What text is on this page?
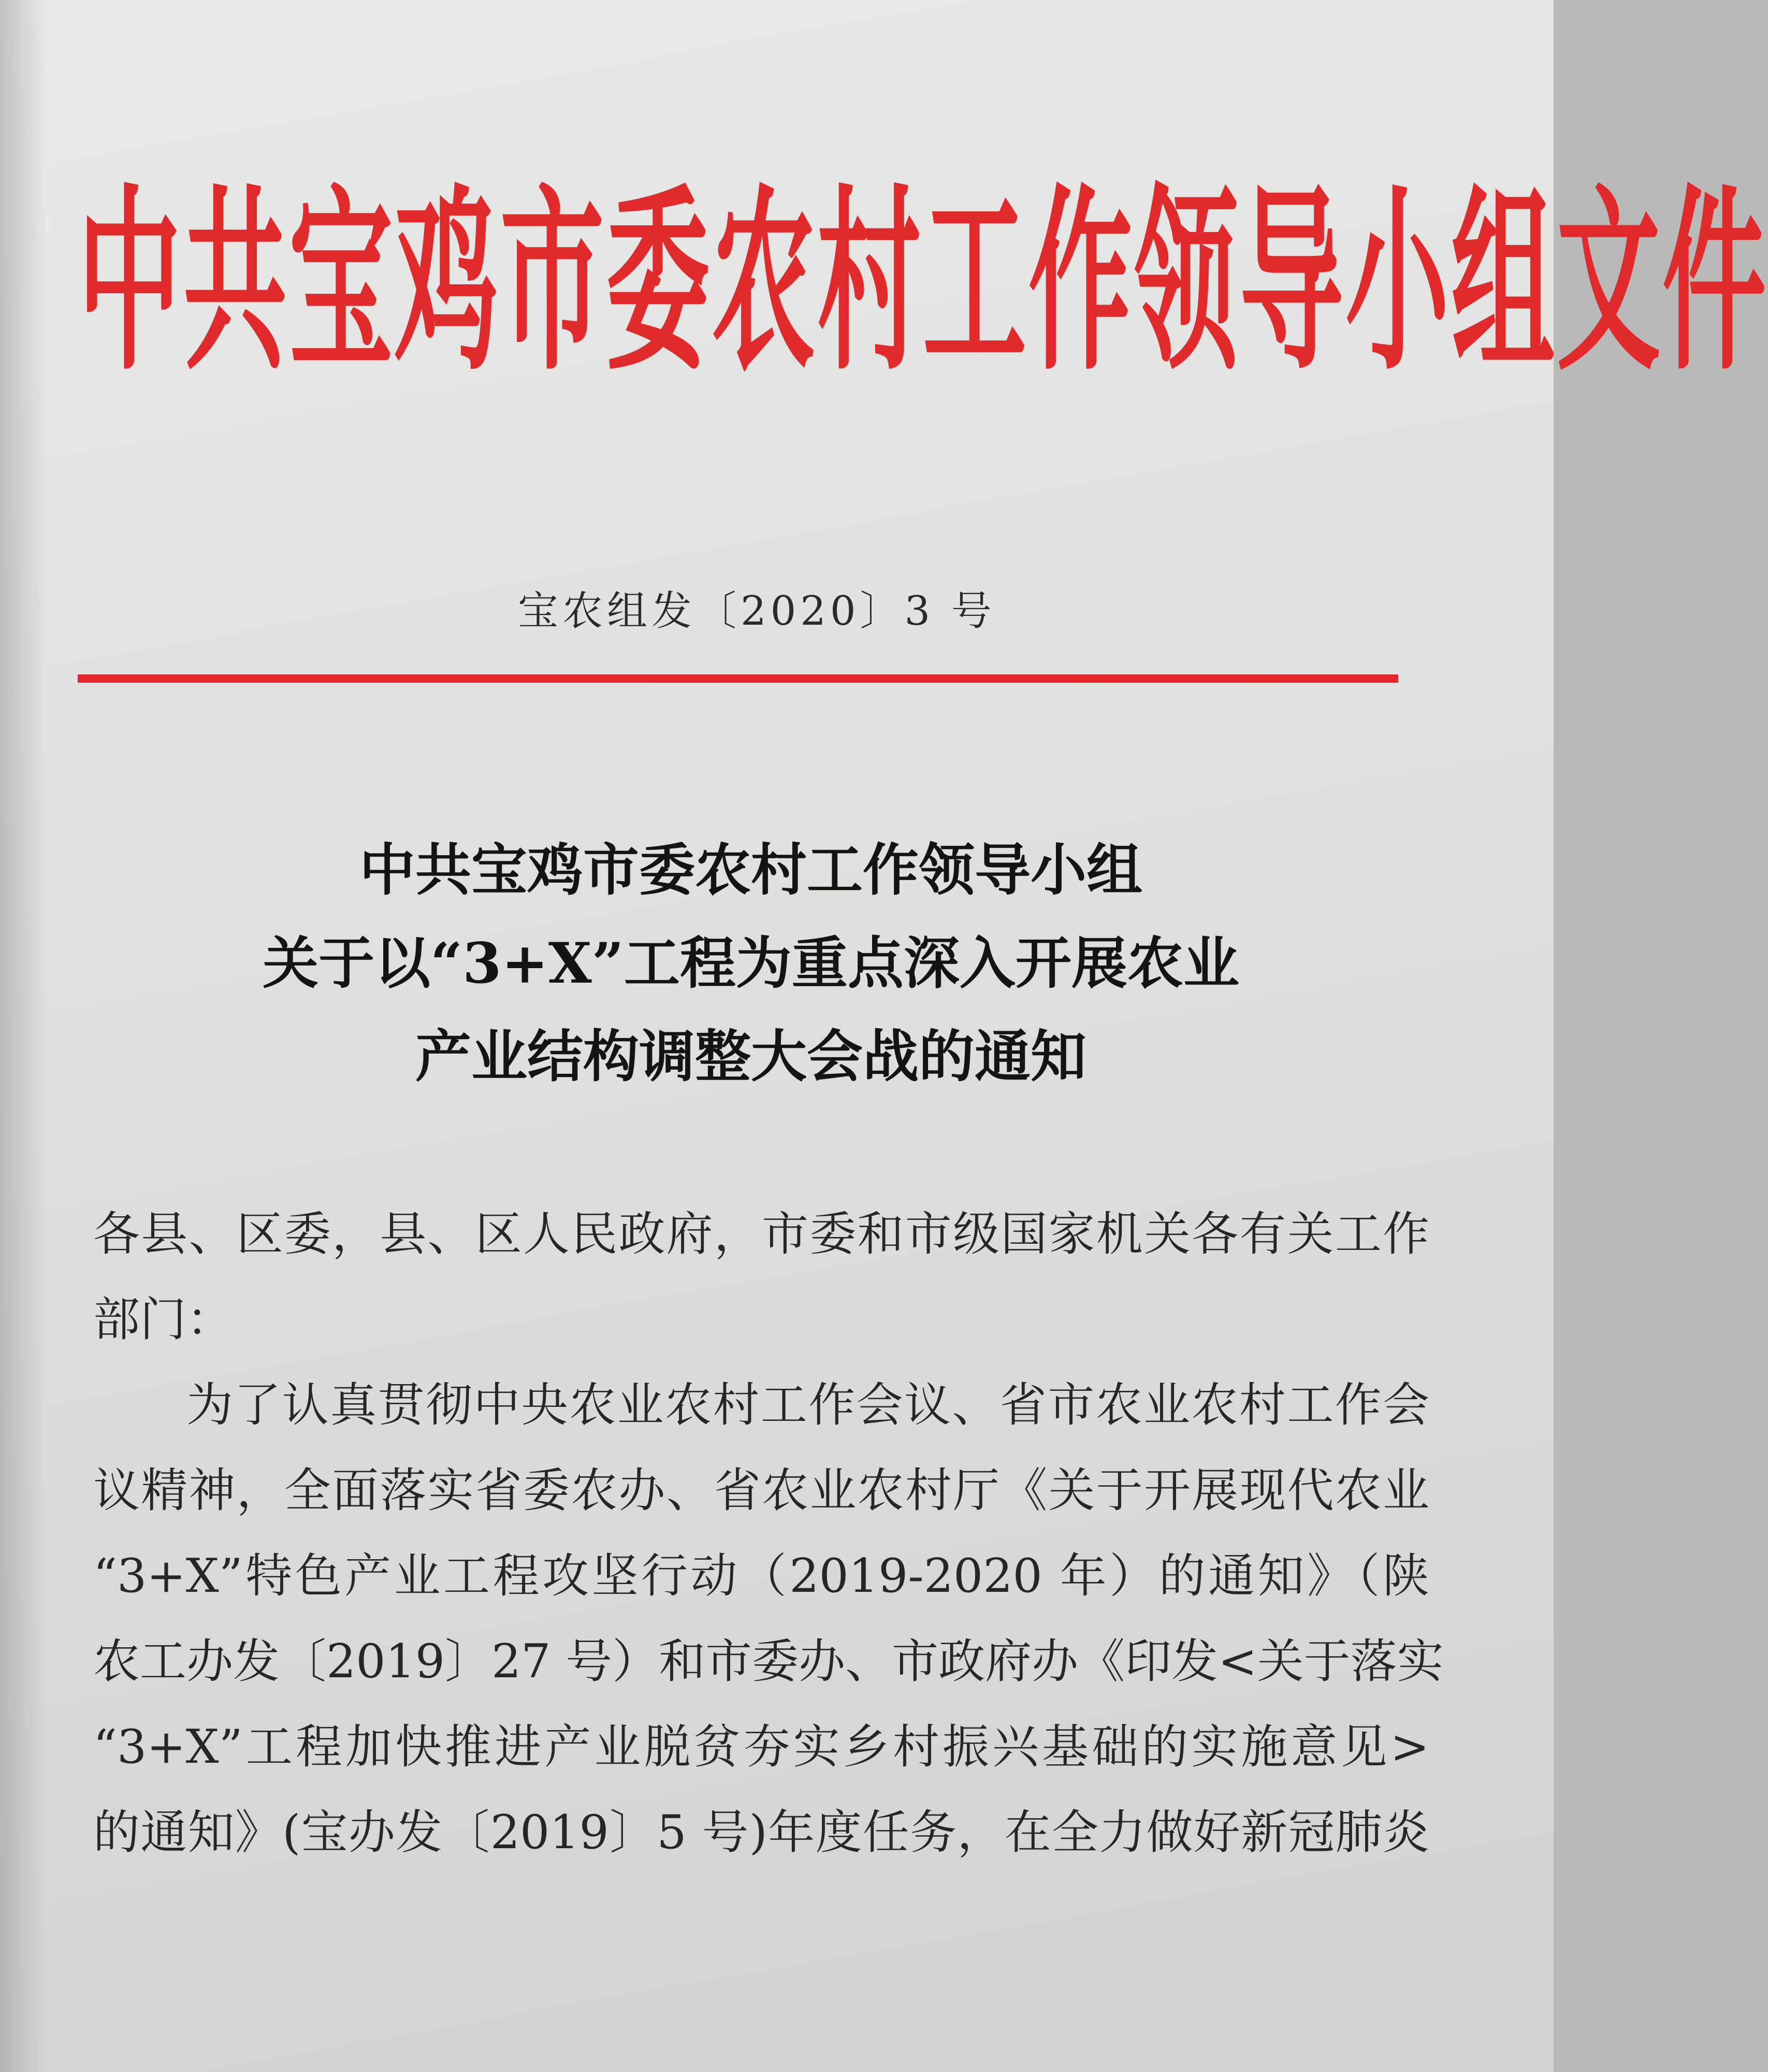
中共宝鸡市委农村工作领导小组文件
宝农组发〔2020〕3 号
中共宝鸡市委农村工作领导小组
关于以“3+X”工程为重点深入开展农业
产业结构调整大会战的通知
各县、区委，县、区人民政府，市委和市级国家机关各有关工作
部门：
为了认真贯彻中央农业农村工作会议、省市农业农村工作会
议精神，全面落实省委农办、省农业农村厅《关于开展现代农业
“3+X”特色产业工程攻坚行动（2019-2020 年）的通知》（陕
农工办发〔2019〕27 号）和市委办、市政府办《印发<关于落实
“3+X”工程加快推进产业脱贫夯实乡村振兴基础的实施意见>
的通知》(宝办发〔2019〕5 号)年度任务，在全力做好新冠肺炎
